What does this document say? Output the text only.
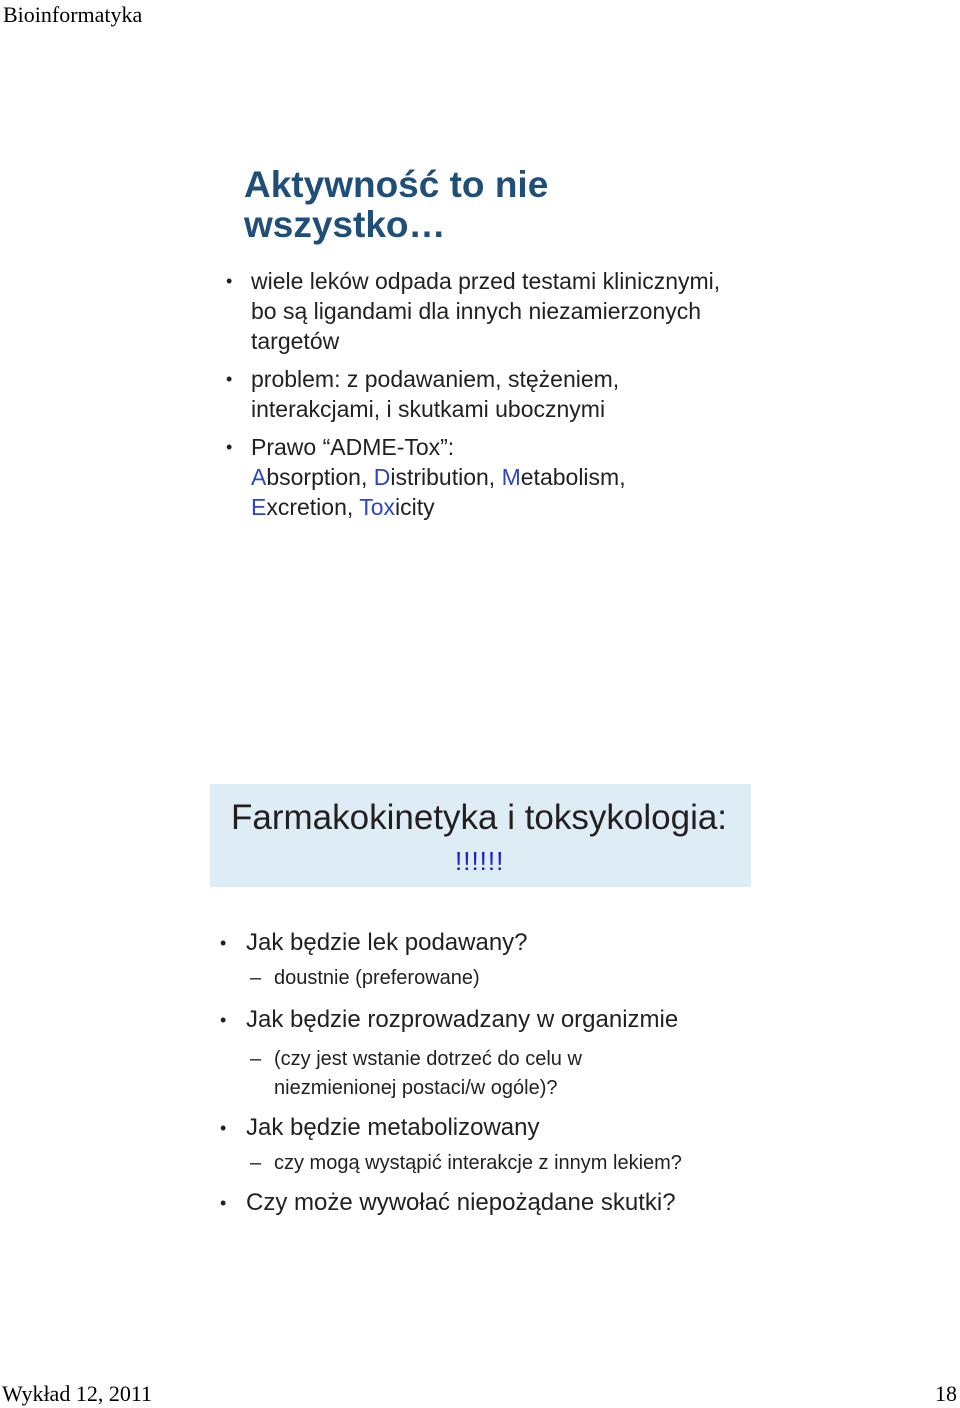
Bioinformatyka
Aktywność to nie
wszystko…
• wiele leków odpada przed testami klinicznymi, bo są ligandami dla innych niezamierzonych targetów
• problem: z podawaniem, stężeniem, interakcjami, i skutkami ubocznymi
• Prawo “ADME-Tox”:
Absorption, Distribution, Metabolism,
Excretion, Toxicity
Farmakokinetyka i toksykologia:
!!!!!!
• Jak będzie lek podawany?
– doustnie (preferowane)
• Jak będzie rozprowadzany w organizmie
– (czy jest wstanie dotrzeć do celu w niezmienionej postaci/w ogóle)?
• Jak będzie metabolizowany
– czy mogą wystąpić interakcje z innym lekiem?
• Czy może wywołać niepożądane skutki?
Wykład 12, 2011	18
